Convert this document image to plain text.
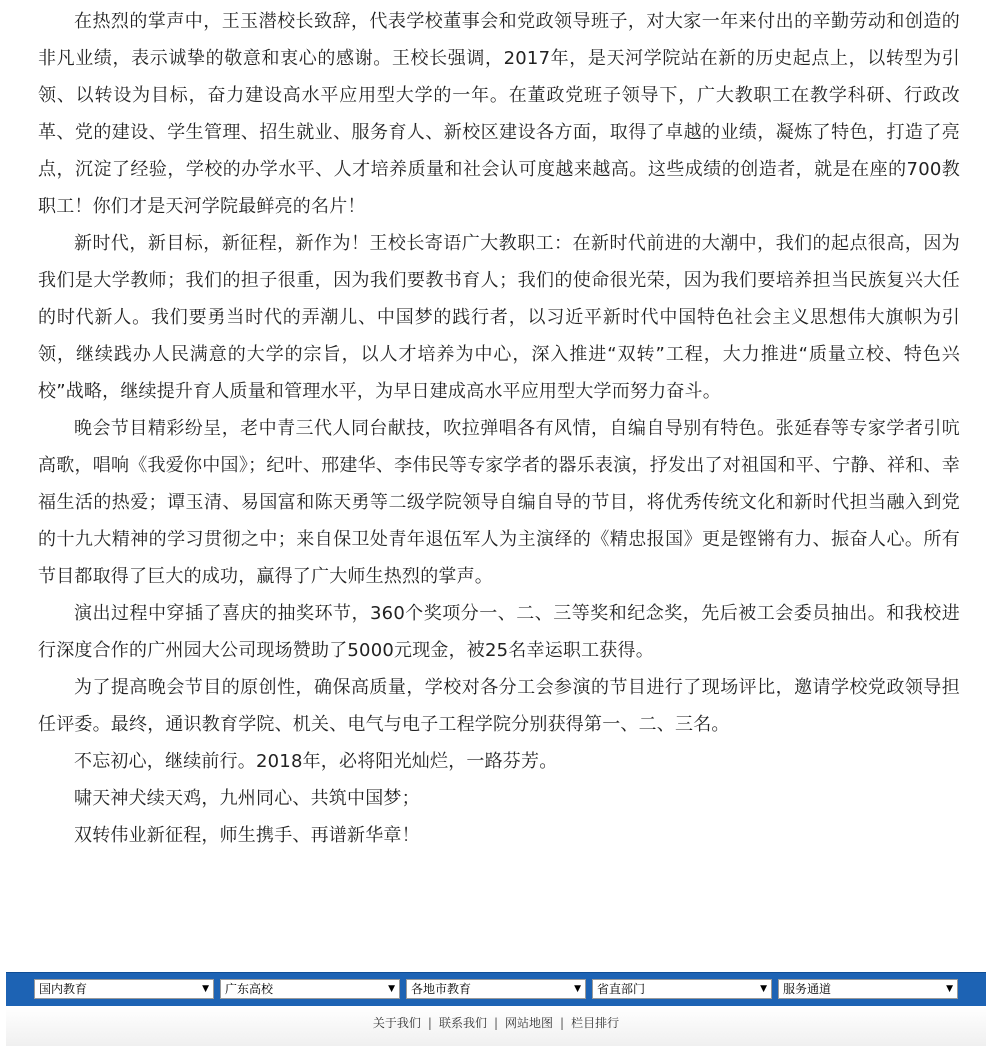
在热烈的掌声中，王玉潜校长致辞，代表学校董事会和党政领导班子，对大家一年来付出的辛勤劳动和创造的非凡业绩，表示诚挚的敬意和衷心的感谢。王校长强调，2017年，是天河学院站在新的历史起点上，以转型为引领、以转设为目标，奋力建设高水平应用型大学的一年。在董政党班子领导下，广大教职工在教学科研、行政改革、党的建设、学生管理、招生就业、服务育人、新校区建设各方面，取得了卓越的业绩，凝炼了特色，打造了亮点，沉淀了经验，学校的办学水平、人才培养质量和社会认可度越来越高。这些成绩的创造者，就是在座的700教职工！你们才是天河学院最鲜亮的名片！

新时代，新目标，新征程，新作为！王校长寄语广大教职工：在新时代前进的大潮中，我们的起点很高，因为我们是大学教师；我们的担子很重，因为我们要教书育人；我们的使命很光荣，因为我们要培养担当民族复兴大任的时代新人。我们要勇当时代的弄潮儿、中国梦的践行者，以习近平新时代中国特色社会主义思想伟大旗帜为引领，继续践办人民满意的大学的宗旨，以人才培养为中心，深入推进“双转”工程，大力推进“质量立校、特色兴校”战略，继续提升育人质量和管理水平，为早日建成高水平应用型大学而努力奋斗。

晚会节目精彩纷呈，老中青三代人同台献技，吹拉弹唱各有风情，自编自导别有特色。张延春等专家学者引吭高歌，唱响《我爱你中国》；纪叶、邢建华、李伟民等专家学者的器乐表演，抒发出了对祖国和平、宁静、祥和、幸福生活的热爱；谭玉清、易国富和陈天勇等二级学院领导自编自导的节目，将优秀传统文化和新时代担当融入到党的十九大精神的学习贯彻之中；来自保卫处青年退伍军人为主演绎的《精忠报国》更是铿锵有力、振奋人心。所有节目都取得了巨大的成功，赢得了广大师生热烈的掌声。

演出过程中穿插了喜庆的抽奖环节，360个奖项分一、二、三等奖和纪念奖，先后被工会委员抽出。和我校进行深度合作的广州园大公司现场赞助了5000元现金，被25名幸运职工获得。

为了提高晚会节目的原创性，确保高质量，学校对各分工会参演的节目进行了现场评比，邀请学校党政领导担任评委。最终，通识教育学院、机关、电气与电子工程学院分别获得第一、二、三名。

不忘初心，继续前行。2018年，必将阳光灿烂，一路芬芳。

啸天神犬续天鸡，九州同心、共筑中国梦；

双转伟业新征程，师生携手、再谱新华章！

国内教育	▼	广东高校	▼	各地市教育	▼	省直部门	▼	服务通道	▼
关于我们 | 联系我们 | 网站地图 | 栏目排行
